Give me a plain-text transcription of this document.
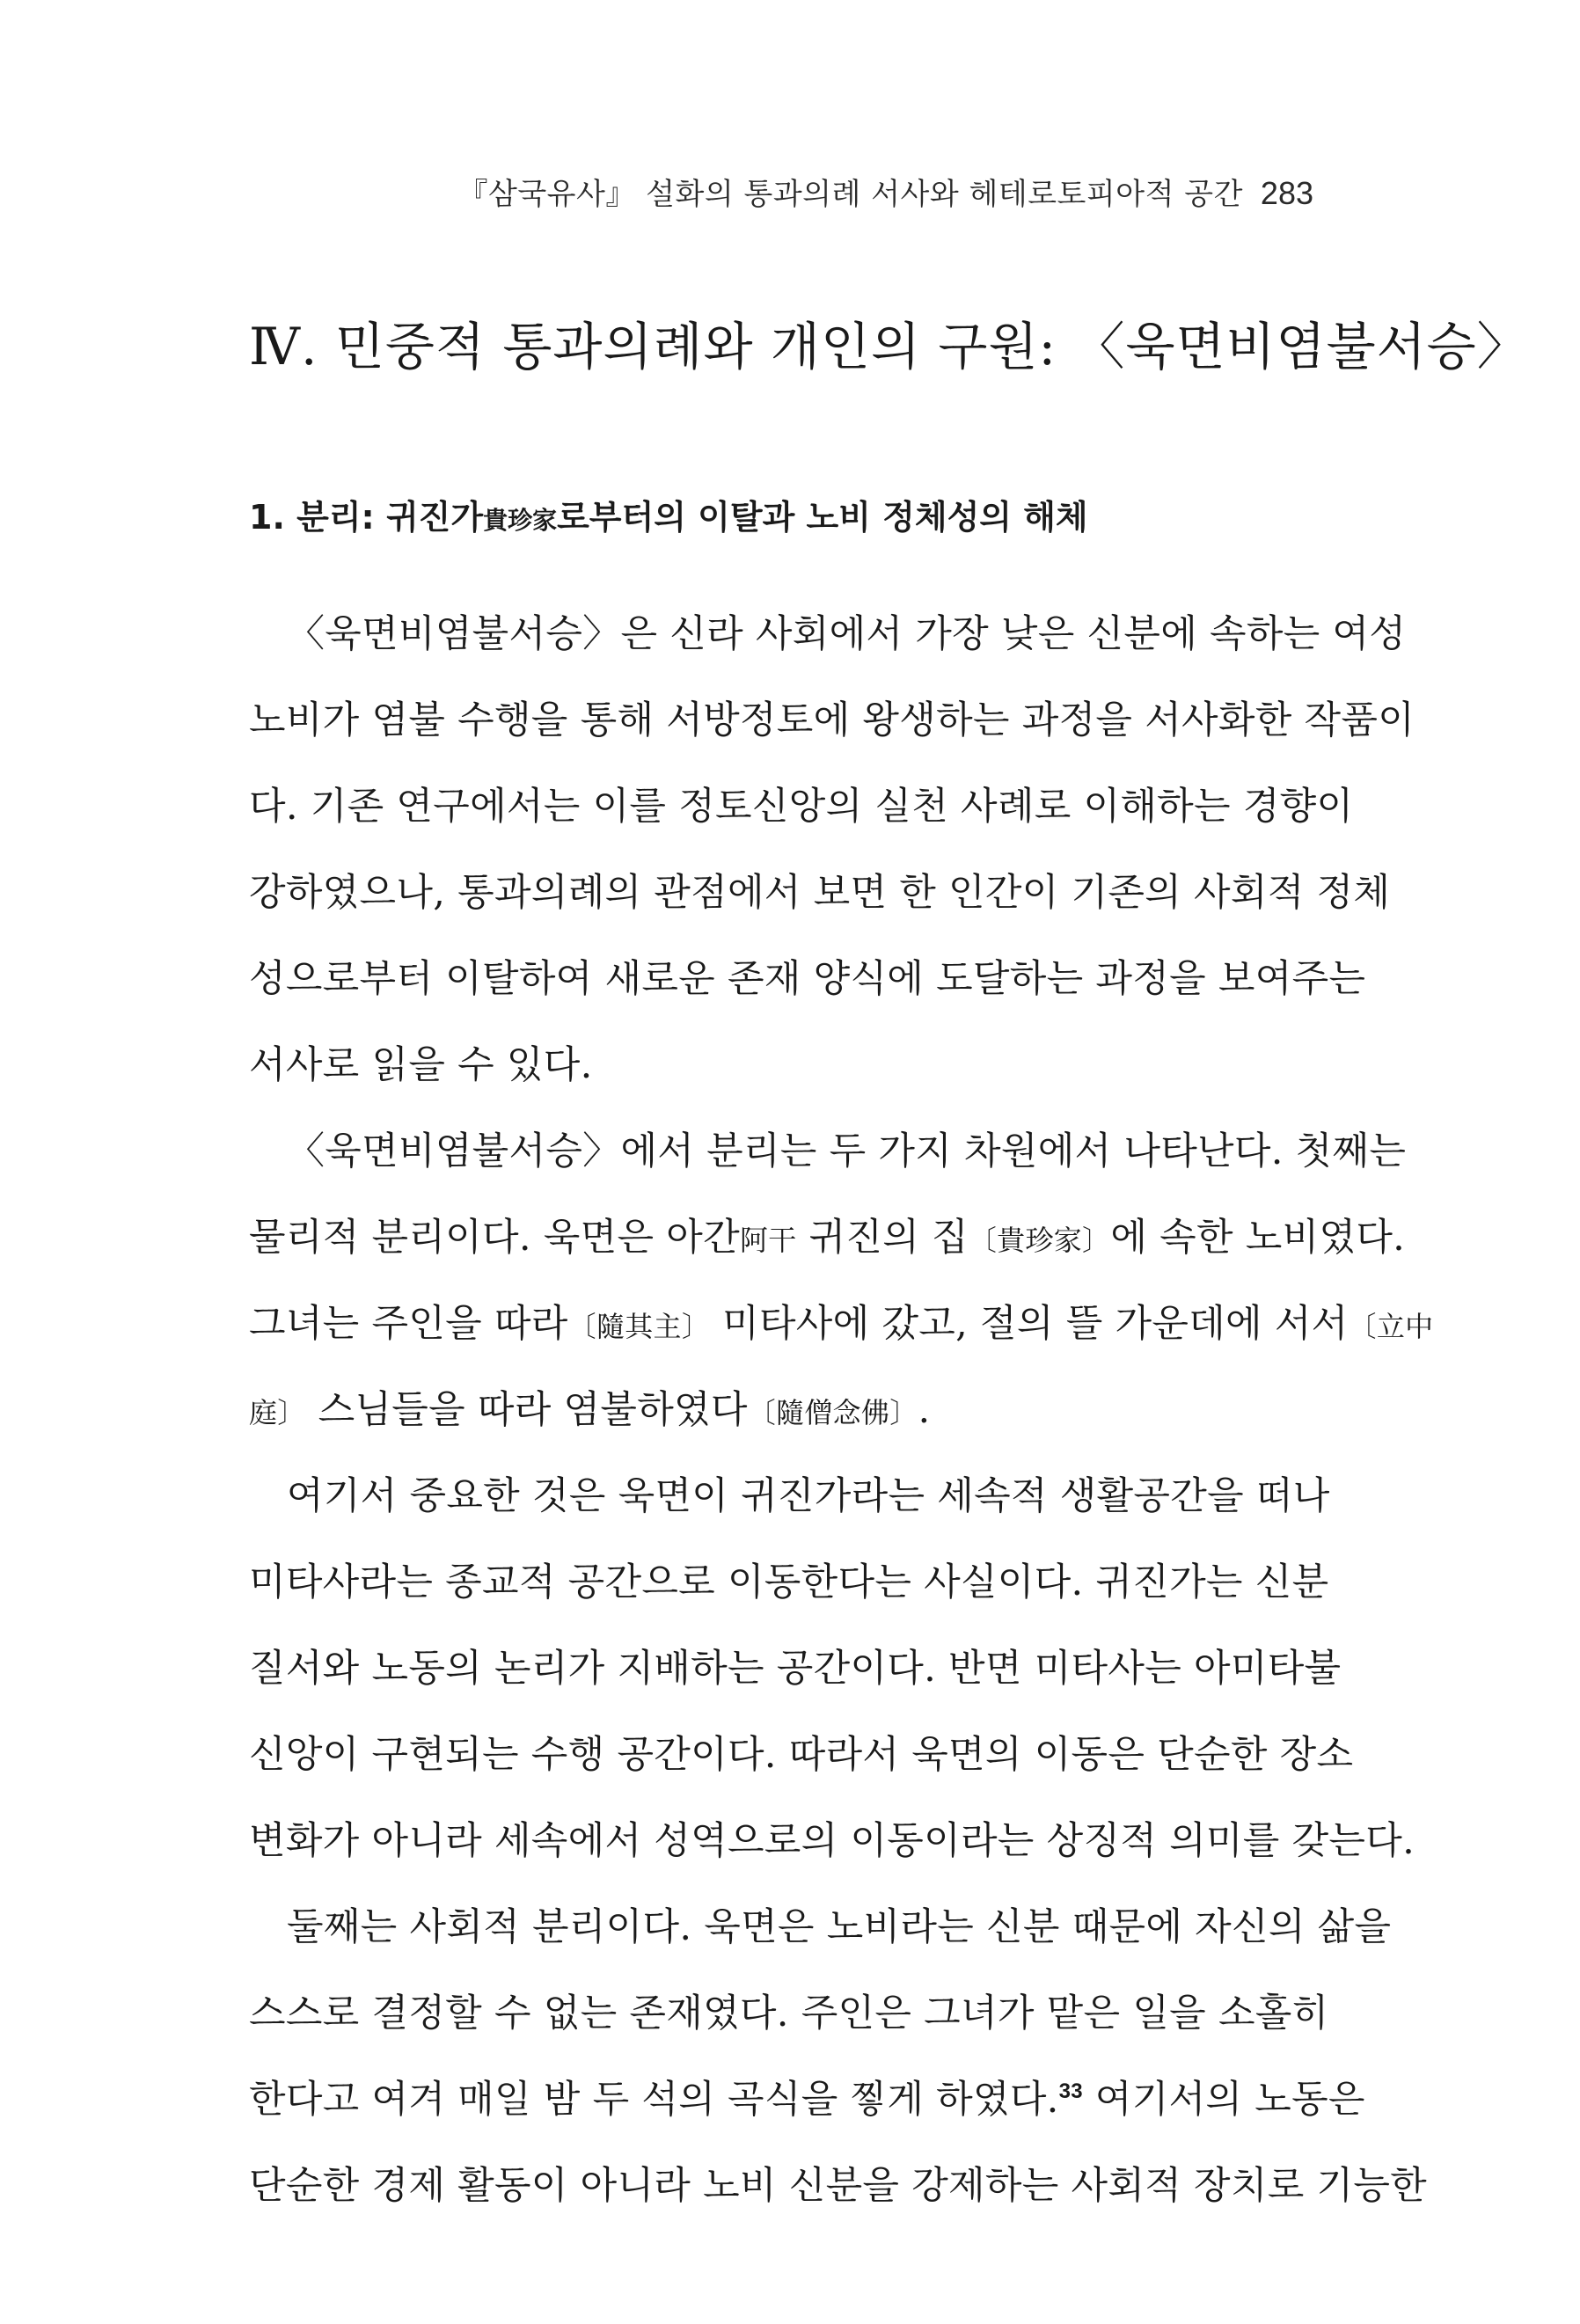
『삼국유사』 설화의 통과의례 서사와 헤테로토피아적 공간 283
Ⅳ. 민중적 통과의례와 개인의 구원: 〈욱면비염불서승〉
1. 분리: 귀진가貴珍家로부터의 이탈과 노비 정체성의 해체
〈욱면비염불서승〉은 신라 사회에서 가장 낮은 신분에 속하는 여성
노비가 염불 수행을 통해 서방정토에 왕생하는 과정을 서사화한 작품이
다. 기존 연구에서는 이를 정토신앙의 실천 사례로 이해하는 경향이
강하였으나, 통과의례의 관점에서 보면 한 인간이 기존의 사회적 정체
성으로부터 이탈하여 새로운 존재 양식에 도달하는 과정을 보여주는
서사로 읽을 수 있다.
〈욱면비염불서승〉에서 분리는 두 가지 차원에서 나타난다. 첫째는
물리적 분리이다. 욱면은 아간阿干 귀진의 집〔貴珍家〕에 속한 노비였다.
그녀는 주인을 따라〔隨其主〕 미타사에 갔고, 절의 뜰 가운데에 서서〔立中
庭〕 스님들을 따라 염불하였다〔隨僧念佛〕.
여기서 중요한 것은 욱면이 귀진가라는 세속적 생활공간을 떠나
미타사라는 종교적 공간으로 이동한다는 사실이다. 귀진가는 신분
질서와 노동의 논리가 지배하는 공간이다. 반면 미타사는 아미타불
신앙이 구현되는 수행 공간이다. 따라서 욱면의 이동은 단순한 장소
변화가 아니라 세속에서 성역으로의 이동이라는 상징적 의미를 갖는다.
둘째는 사회적 분리이다. 욱면은 노비라는 신분 때문에 자신의 삶을
스스로 결정할 수 없는 존재였다. 주인은 그녀가 맡은 일을 소홀히
한다고 여겨 매일 밤 두 석의 곡식을 찧게 하였다.$^{33}$ 여기서의 노동은
단순한 경제 활동이 아니라 노비 신분을 강제하는 사회적 장치로 기능한
